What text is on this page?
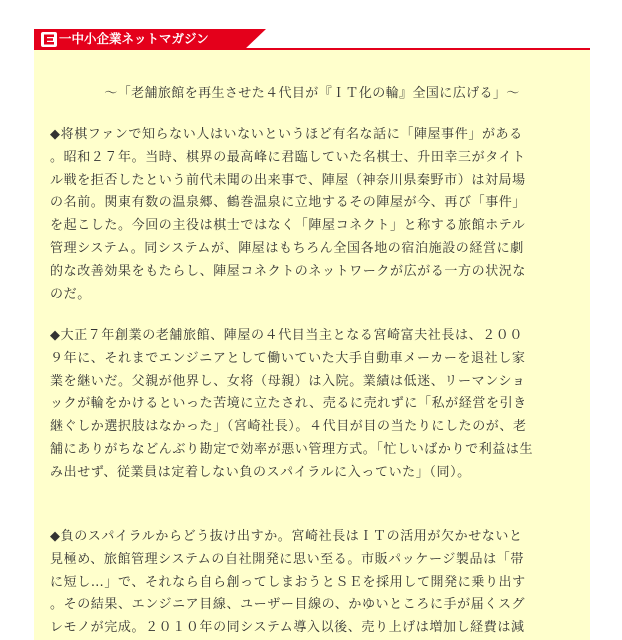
一中小企業ネットマガジン
～「老舗旅館を再生させた４代目が『ＩＴ化の輪』全国に広げる」～

◆将棋ファンで知らない人はいないというほど有名な話に「陣屋事件」がある。昭和２７年。当時、棋界の最高峰に君臨していた名棋士、升田幸三がタイトル戦を拒否したという前代未聞の出来事で、陣屋（神奈川県秦野市）は対局場の名前。関東有数の温泉郷、鶴巻温泉に立地するその陣屋が今、再び「事件」を起こした。今回の主役は棋士ではなく「陣屋コネクト」と称する旅館ホテル管理システム。同システムが、陣屋はもちろん全国各地の宿泊施設の経営に劇的な改善効果をもたらし、陣屋コネクトのネットワークが広がる一方の状況なのだ。

◆大正７年創業の老舗旅館、陣屋の４代目当主となる宮崎富夫社長は、２００９年に、それまでエンジニアとして働いていた大手自動車メーカーを退社し家業を継いだ。父親が他界し、女将（母親）は入院。業績は低迷、リーマンショックが輪をかけるといった苦境に立たされ、売るに売れずに「私が経営を引き継ぐしか選択肢はなかった」（宮崎社長）。４代目が目の当たりにしたのが、老舗にありがちなどんぶり勘定で効率が悪い管理方式。「忙しいばかりで利益は生み出せず、従業員は定着しない負のスパイラルに入っていた」（同）。

◆負のスパイラルからどう抜け出すか。宮崎社長はＩＴの活用が欠かせないと見極め、旅館管理システムの自社開発に思い至る。市販パッケージ製品は「帯に短し…」で、それなら自ら創ってしまおうとＳＥを採用して開発に乗り出す。その結果、エンジニア目線、ユーザー目線の、かゆいところに手が届くスグレモノが完成。２０１０年の同システム導入以後、売り上げは増加し経費は減
